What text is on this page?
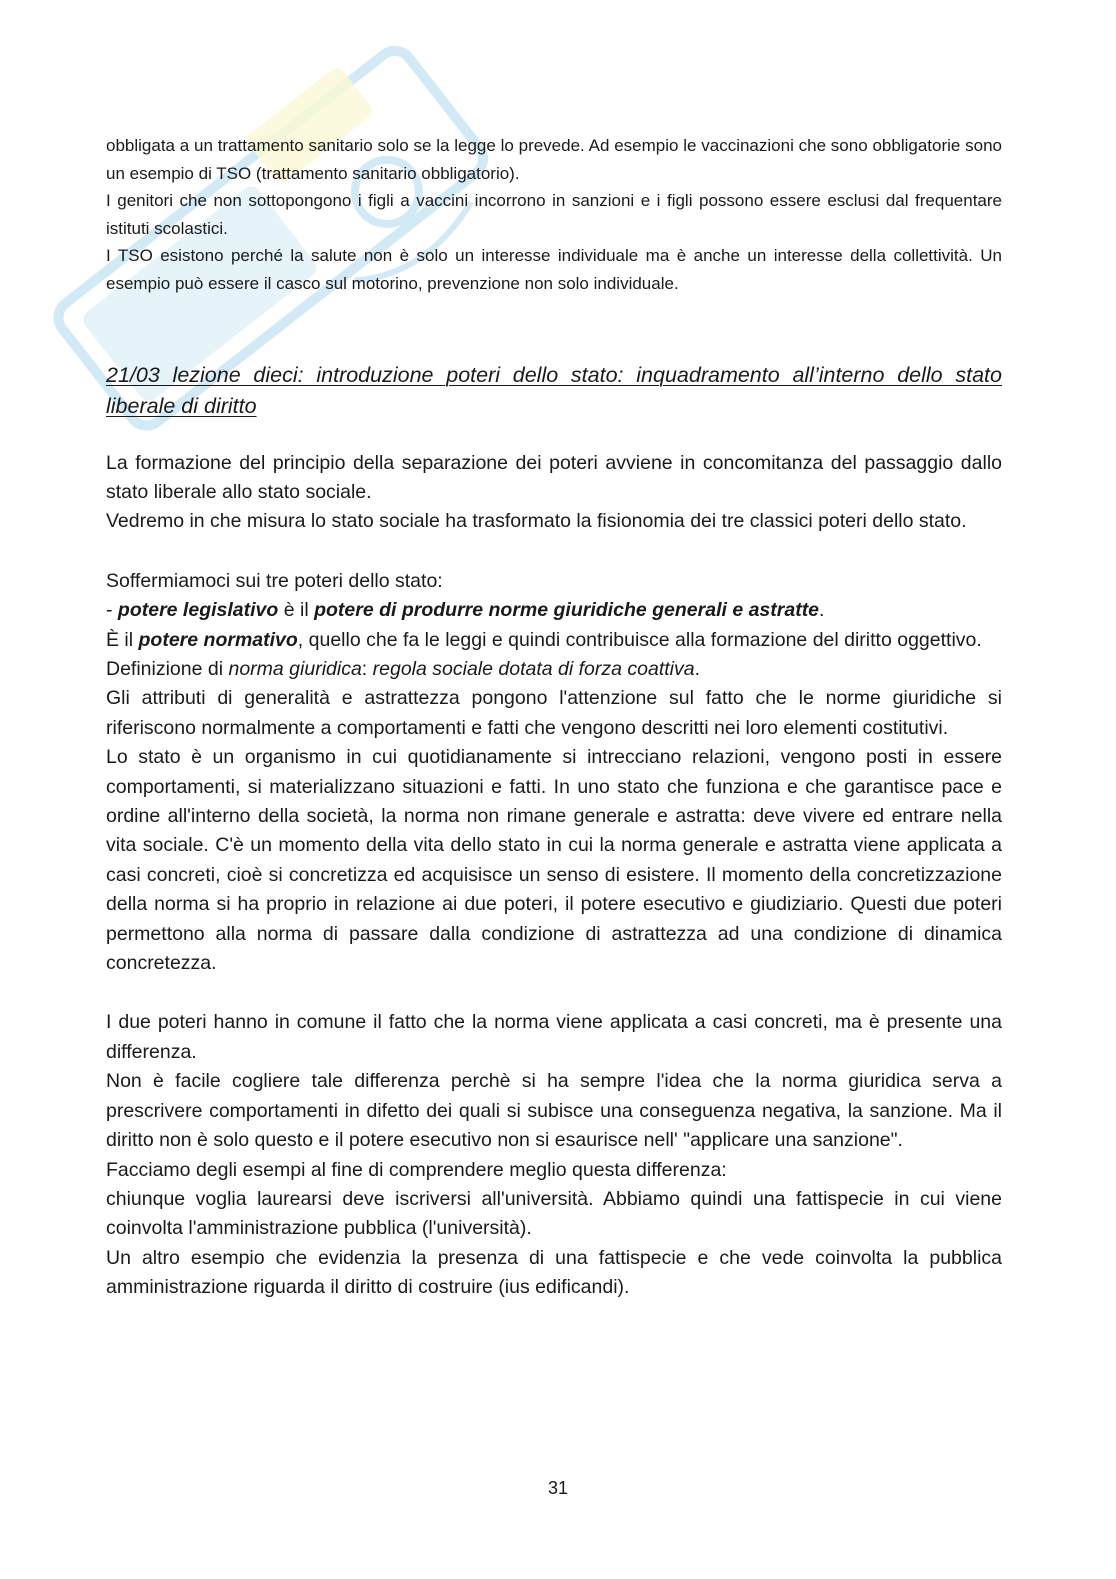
obbligata a un trattamento sanitario solo se la legge lo prevede. Ad esempio le vaccinazioni che sono obbligatorie sono un esempio di TSO (trattamento sanitario obbligatorio).

I genitori che non sottopongono i figli a vaccini incorrono in sanzioni e i figli possono essere esclusi dal frequentare istituti scolastici.

I TSO esistono perché la salute non è solo un interesse individuale ma è anche un interesse della collettività. Un esempio può essere il casco sul motorino, prevenzione non solo individuale.

21/03 lezione dieci: introduzione poteri dello stato: inquadramento all’interno dello stato liberale di diritto

La formazione del principio della separazione dei poteri avviene in concomitanza del passaggio dallo stato liberale allo stato sociale.

Vedremo in che misura lo stato sociale ha trasformato la fisionomia dei tre classici poteri dello stato.

Soffermiamoci sui tre poteri dello stato:

- potere legislativo è il potere di produrre norme giuridiche generali e astratte.

È il potere normativo, quello che fa le leggi e quindi contribuisce alla formazione del diritto oggettivo.

Definizione di norma giuridica: regola sociale dotata di forza coattiva.

Gli attributi di generalità e astrattezza pongono l'attenzione sul fatto che le norme giuridiche si riferiscono normalmente a comportamenti e fatti che vengono descritti nei loro elementi costitutivi.

Lo stato è un organismo in cui quotidianamente si intrecciano relazioni, vengono posti in essere comportamenti, si materializzano situazioni e fatti. In uno stato che funziona e che garantisce pace e ordine all'interno della società, la norma non rimane generale e astratta: deve vivere ed entrare nella vita sociale. C'è un momento della vita dello stato in cui la norma generale e astratta viene applicata a casi concreti, cioè si concretizza ed acquisisce un senso di esistere. Il momento della concretizzazione della norma si ha proprio in relazione ai due poteri, il potere esecutivo e giudiziario. Questi due poteri permettono alla norma di passare dalla condizione di astrattezza ad una condizione di dinamica concretezza.

I due poteri hanno in comune il fatto che la norma viene applicata a casi concreti, ma è presente una differenza.

Non è facile cogliere tale differenza perchè si ha sempre l'idea che la norma giuridica serva a prescrivere comportamenti in difetto dei quali si subisce una conseguenza negativa, la sanzione. Ma il diritto non è solo questo e il potere esecutivo non si esaurisce nell' "applicare una sanzione".

Facciamo degli esempi al fine di comprendere meglio questa differenza:

chiunque voglia laurearsi deve iscriversi all'università. Abbiamo quindi una fattispecie in cui viene coinvolta l'amministrazione pubblica (l'università).

Un altro esempio che evidenzia la presenza di una fattispecie e che vede coinvolta la pubblica amministrazione riguarda il diritto di costruire (ius edificandi).

31
